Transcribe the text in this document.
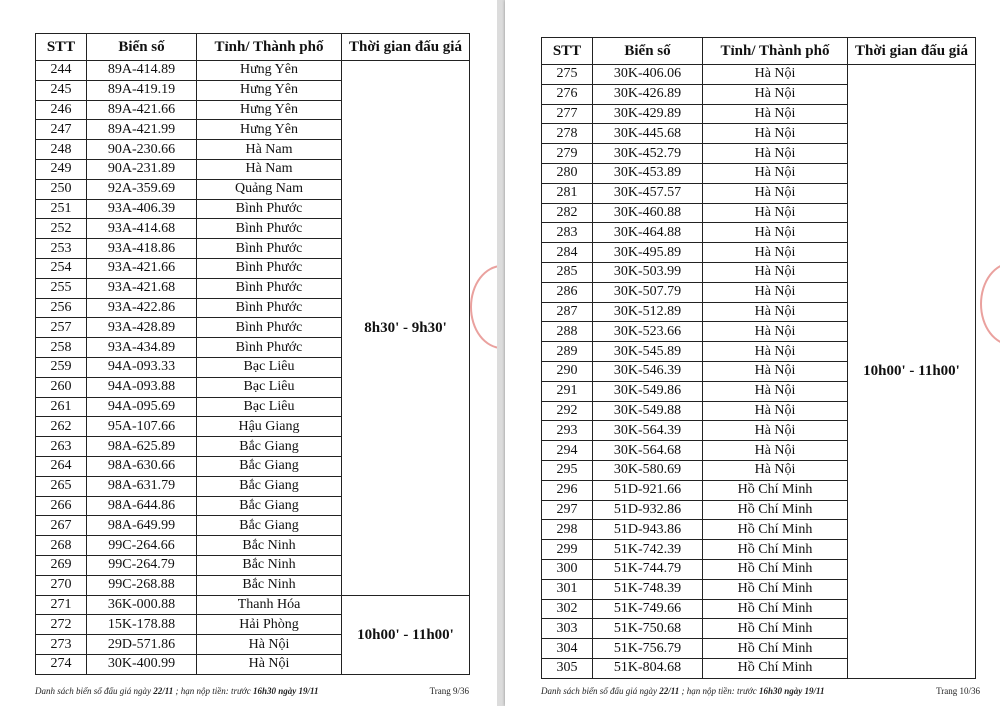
STT	Biển số	Tỉnh/ Thành phố	Thời gian đấu giá
244	89A-414.89	Hưng Yên	8h30' - 9h30'
245	89A-419.19	Hưng Yên	
246	89A-421.66	Hưng Yên	
247	89A-421.99	Hưng Yên	
248	90A-230.66	Hà Nam	
249	90A-231.89	Hà Nam	
250	92A-359.69	Quảng Nam	
251	93A-406.39	Bình Phước	
252	93A-414.68	Bình Phước	
253	93A-418.86	Bình Phước	
254	93A-421.66	Bình Phước	
255	93A-421.68	Bình Phước	
256	93A-422.86	Bình Phước	
257	93A-428.89	Bình Phước	
258	93A-434.89	Bình Phước	
259	94A-093.33	Bạc Liêu	
260	94A-093.88	Bạc Liêu	
261	94A-095.69	Bạc Liêu	
262	95A-107.66	Hậu Giang	
263	98A-625.89	Bắc Giang	
264	98A-630.66	Bắc Giang	
265	98A-631.79	Bắc Giang	
266	98A-644.86	Bắc Giang	
267	98A-649.99	Bắc Giang	
268	99C-264.66	Bắc Ninh	
269	99C-264.79	Bắc Ninh	
270	99C-268.88	Bắc Ninh	
271	36K-000.88	Thanh Hóa	10h00' - 11h00'
272	15K-178.88	Hải Phòng	
273	29D-571.86	Hà Nội	
274	30K-400.99	Hà Nội	
Danh sách biển số đấu giá ngày 22/11 ; hạn nộp tiền: trước 16h30 ngày 19/11	Trang 9/36
STT	Biển số	Tỉnh/ Thành phố	Thời gian đấu giá
275	30K-406.06	Hà Nội	10h00' - 11h00'
276	30K-426.89	Hà Nội	
277	30K-429.89	Hà Nội	
278	30K-445.68	Hà Nội	
279	30K-452.79	Hà Nội	
280	30K-453.89	Hà Nội	
281	30K-457.57	Hà Nội	
282	30K-460.88	Hà Nội	
283	30K-464.88	Hà Nội	
284	30K-495.89	Hà Nội	
285	30K-503.99	Hà Nội	
286	30K-507.79	Hà Nội	
287	30K-512.89	Hà Nội	
288	30K-523.66	Hà Nội	
289	30K-545.89	Hà Nội	
290	30K-546.39	Hà Nội	
291	30K-549.86	Hà Nội	
292	30K-549.88	Hà Nội	
293	30K-564.39	Hà Nội	
294	30K-564.68	Hà Nội	
295	30K-580.69	Hà Nội	
296	51D-921.66	Hồ Chí Minh	
297	51D-932.86	Hồ Chí Minh	
298	51D-943.86	Hồ Chí Minh	
299	51K-742.39	Hồ Chí Minh	
300	51K-744.79	Hồ Chí Minh	
301	51K-748.39	Hồ Chí Minh	
302	51K-749.66	Hồ Chí Minh	
303	51K-750.68	Hồ Chí Minh	
304	51K-756.79	Hồ Chí Minh	
305	51K-804.68	Hồ Chí Minh	
Danh sách biển số đấu giá ngày 22/11 ; hạn nộp tiền: trước 16h30 ngày 19/11	Trang 10/36
